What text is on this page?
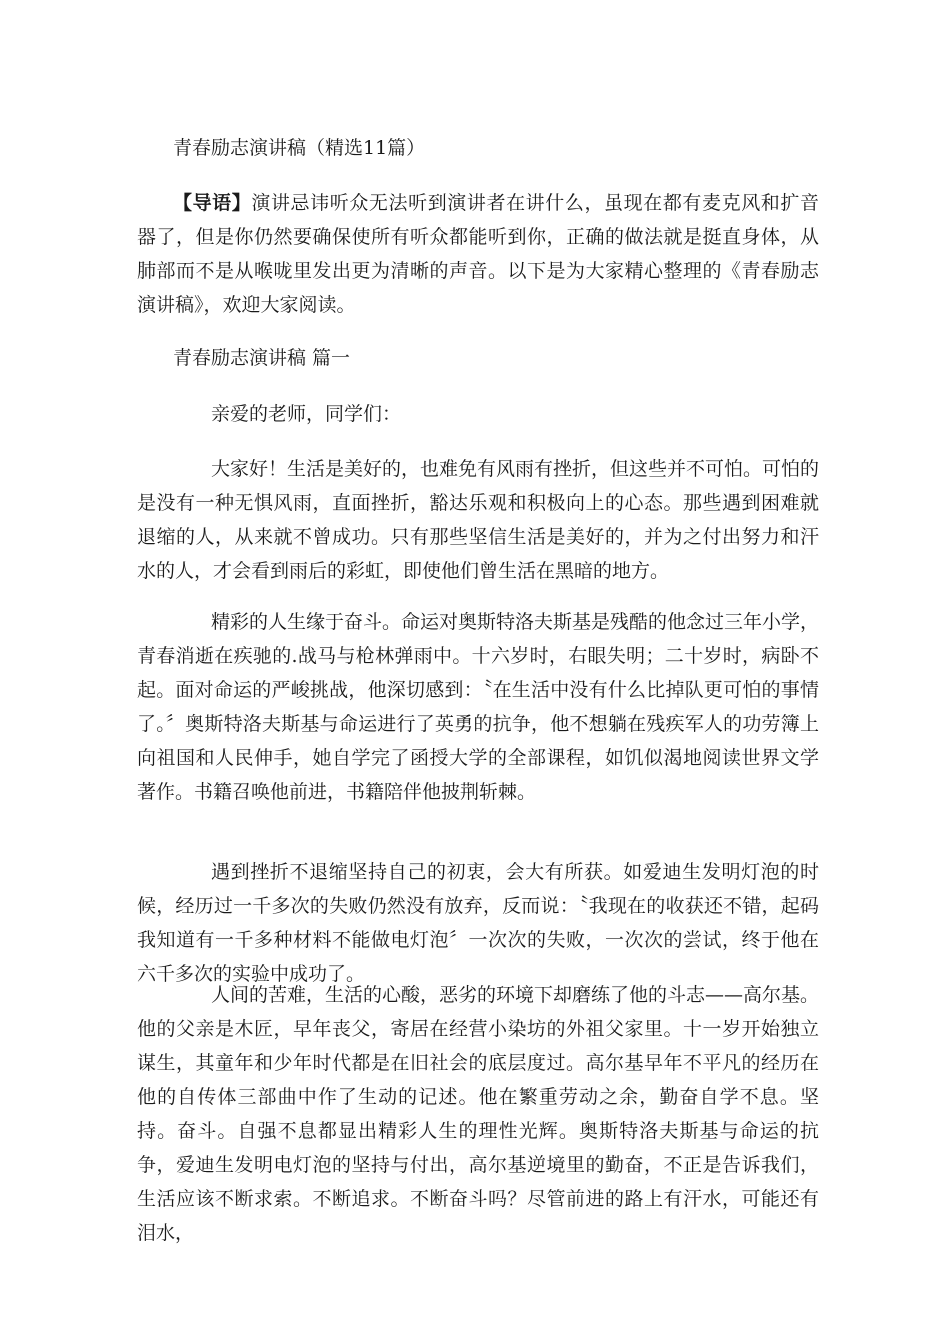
青春励志演讲稿（精选11篇）

【导语】演讲忌讳听众无法听到演讲者在讲什么，虽现在都有麦克风和扩音器了，但是你仍然要确保使所有听众都能听到你，正确的做法就是挺直身体，从肺部而不是从喉咙里发出更为清晰的声音。以下是为大家精心整理的《青春励志演讲稿》，欢迎大家阅读。

青春励志演讲稿 篇一
亲爱的老师，同学们：

大家好！生活是美好的，也难免有风雨有挫折，但这些并不可怕。可怕的是没有一种无惧风雨，直面挫折，豁达乐观和积极向上的心态。那些遇到困难就退缩的人，从来就不曾成功。只有那些坚信生活是美好的，并为之付出努力和汗水的人，才会看到雨后的彩虹，即使他们曾生活在黑暗的地方。

精彩的人生缘于奋斗。命运对奥斯特洛夫斯基是残酷的他念过三年小学，青春消逝在疾驰的.战马与枪林弹雨中。十六岁时，右眼失明；二十岁时，病卧不起。面对命运的严峻挑战，他深切感到：〝在生活中没有什么比掉队更可怕的事情了。〞奥斯特洛夫斯基与命运进行了英勇的抗争，他不想躺在残疾军人的功劳簿上向祖国和人民伸手，她自学完了函授大学的全部课程，如饥似渴地阅读世界文学著作。书籍召唤他前进，书籍陪伴他披荆斩棘。

遇到挫折不退缩坚持自己的初衷，会大有所获。如爱迪生发明灯泡的时候，经历过一千多次的失败仍然没有放弃，反而说：〝我现在的收获还不错，起码我知道有一千多种材料不能做电灯泡〞一次次的失败，一次次的尝试，终于他在六千多次的实验中成功了。

人间的苦难，生活的心酸，恶劣的环境下却磨练了他的斗志——高尔基。他的父亲是木匠，早年丧父，寄居在经营小染坊的外祖父家里。十一岁开始独立谋生，其童年和少年时代都是在旧社会的底层度过。高尔基早年不平凡的经历在他的自传体三部曲中作了生动的记述。他在繁重劳动之余，勤奋自学不息。坚持。奋斗。自强不息都显出精彩人生的理性光辉。奥斯特洛夫斯基与命运的抗争，爱迪生发明电灯泡的坚持与付出，高尔基逆境里的勤奋，不正是告诉我们，生活应该不断求索。不断追求。不断奋斗吗？尽管前进的路上有汗水，可能还有泪水，
